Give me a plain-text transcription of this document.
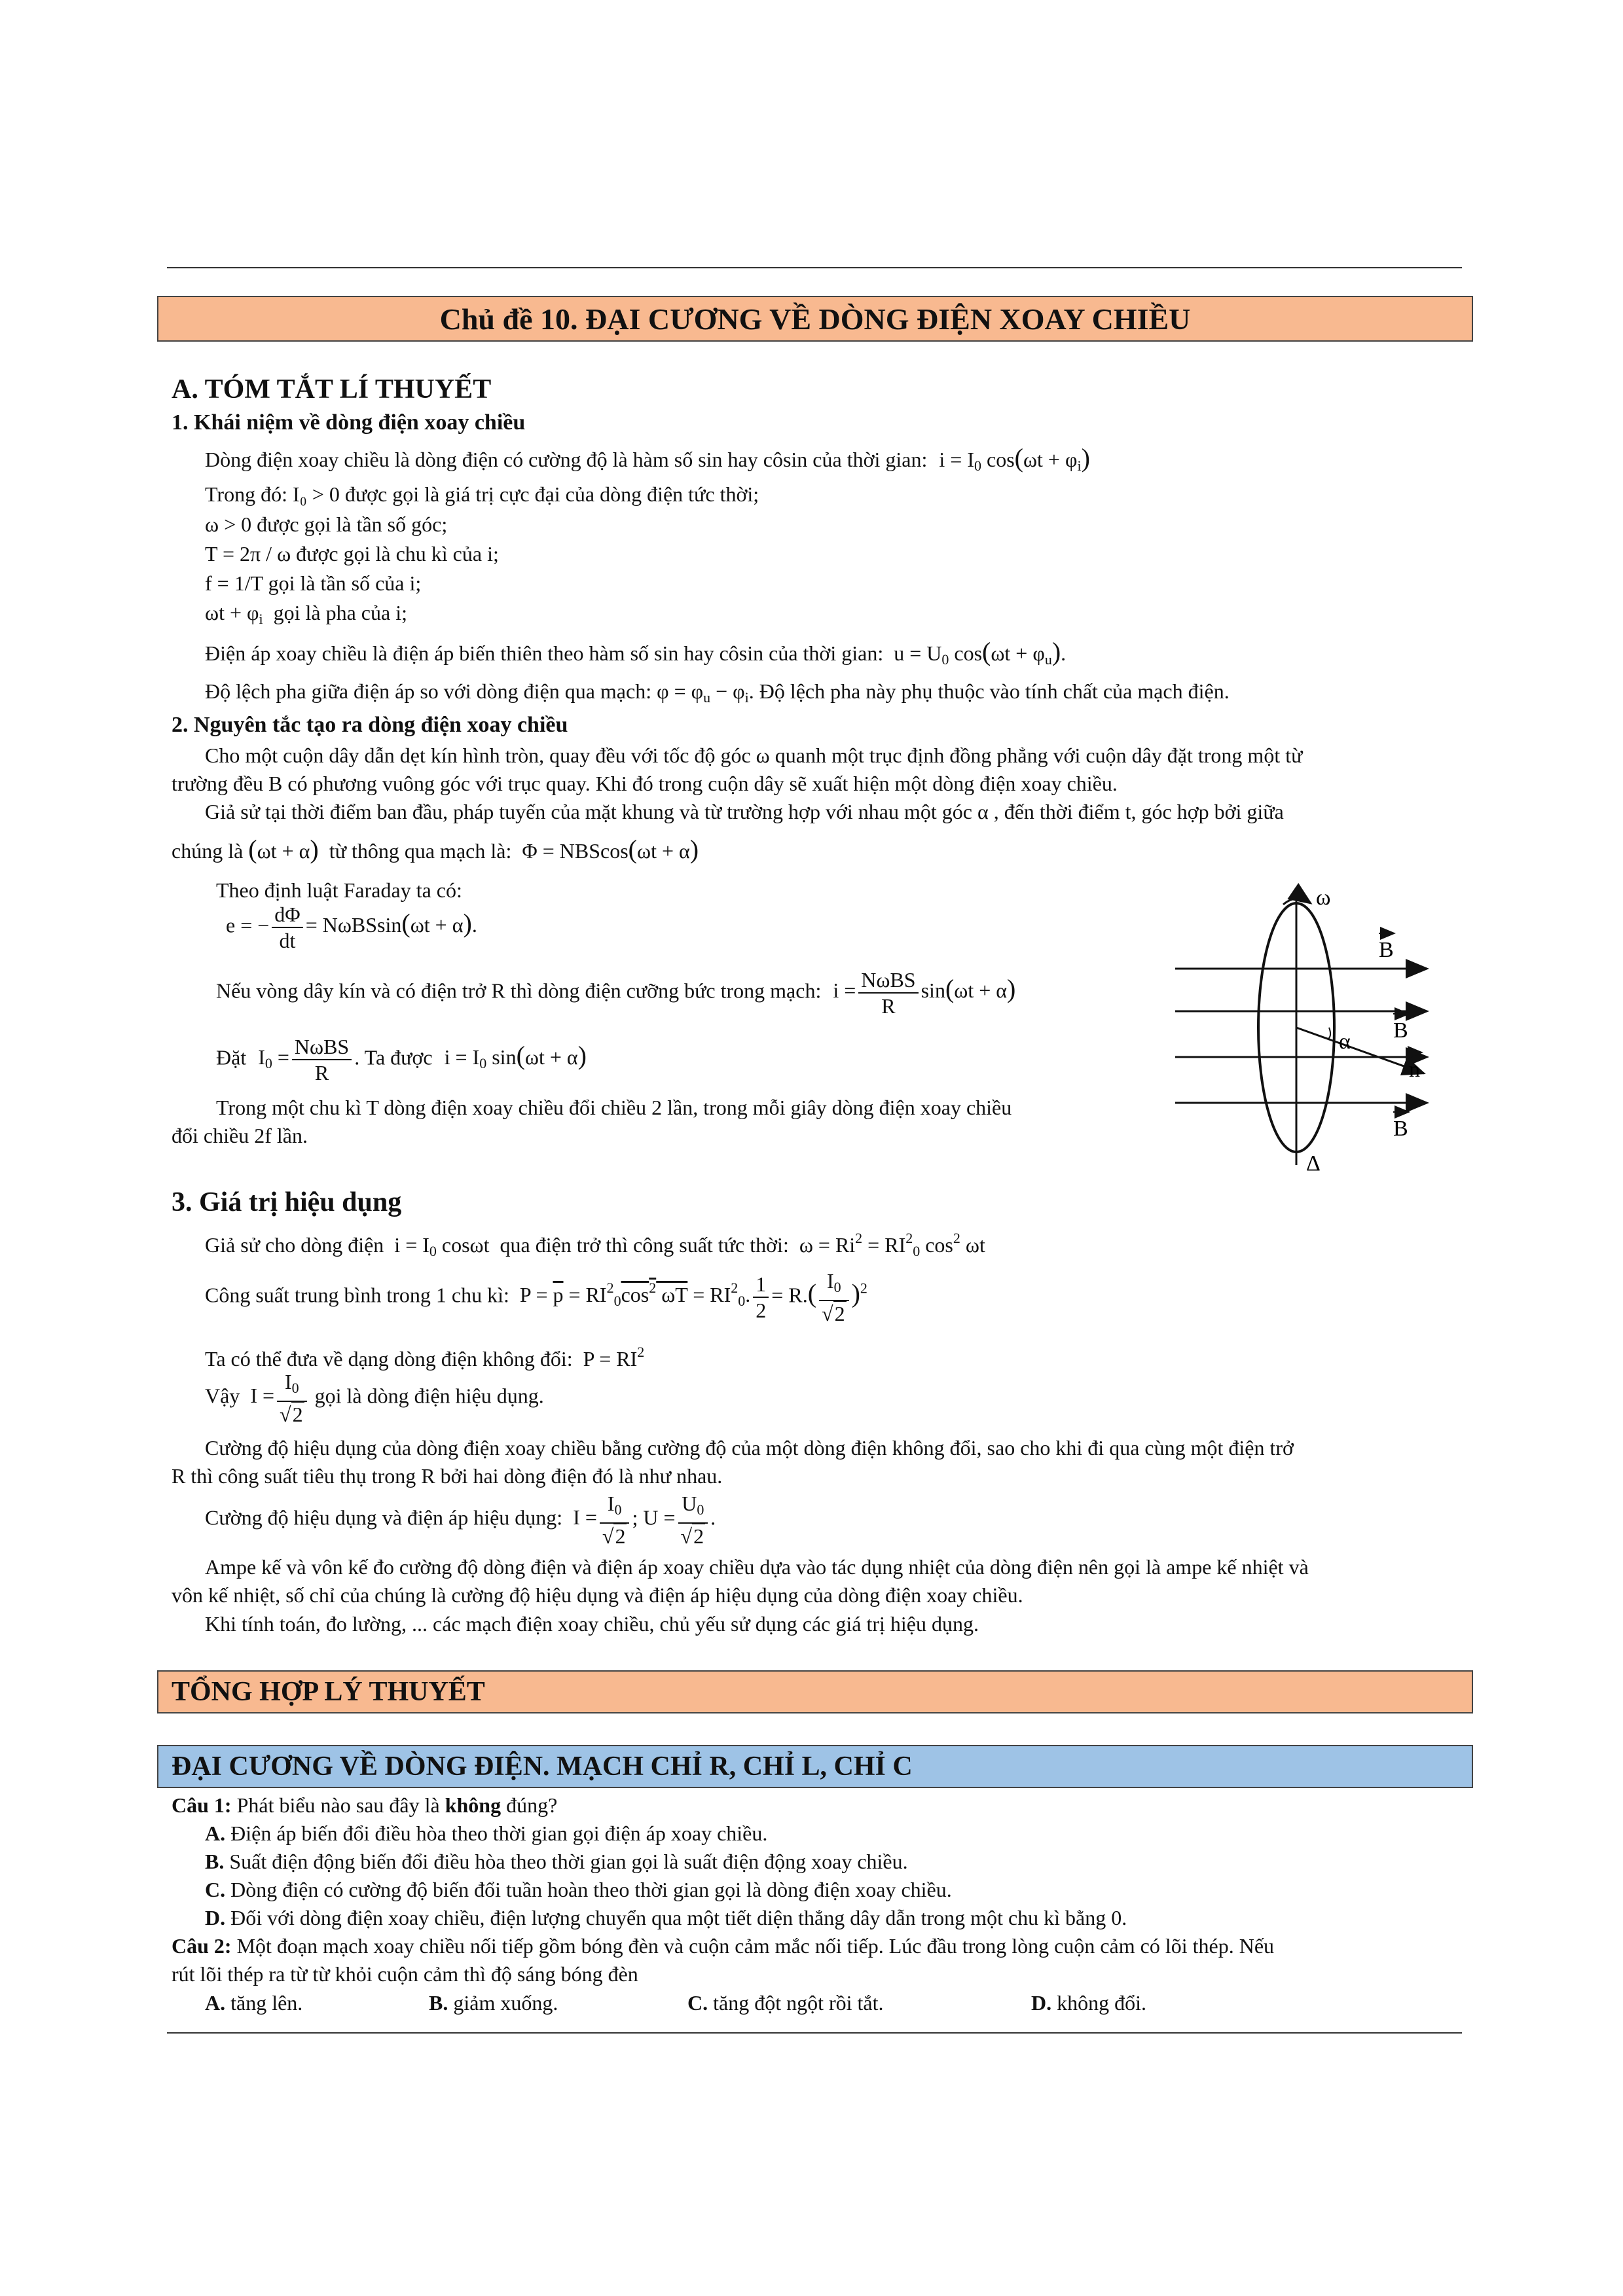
Chủ đề 10. ĐẠI CƯƠNG VỀ DÒNG ĐIỆN XOAY CHIỀU
A. TÓM TẮT LÍ THUYẾT
1. Khái niệm về dòng điện xoay chiều
Dòng điện xoay chiều là dòng điện có cường độ là hàm số sin hay côsin của thời gian: $i = I_0$ $\cos(\omega t + \varphi_i)$
Trong đó: I₀ > 0 được gọi là giá trị cực đại của dòng điện tức thời;
ω > 0 được gọi là tần số góc;
T = 2π / ω được gọi là chu kì của i;
f = 1/T gọi là tần số của i;
$\omega t + \varphi_i$ gọi là pha của i;
Điện áp xoay chiều là điện áp biến thiên theo hàm số sin hay côsin của thời gian: $u = U_0$ $\cos(\omega t + \varphi_u)$.
Độ lệch pha giữa điện áp so với dòng điện qua mạch: $\varphi = \varphi_u - \varphi_i$. Độ lệch pha này phụ thuộc vào tính chất của mạch điện.
2. Nguyên tắc tạo ra dòng điện xoay chiều
Cho một cuộn dây dẫn dẹt kín hình tròn, quay đều với tốc độ góc ω quanh một trục định đồng phẳng với cuộn dây đặt trong một từ
trường đều B có phương vuông góc với trục quay. Khi đó trong cuộn dây sẽ xuất hiện một dòng điện xoay chiều.
Giả sử tại thời điểm ban đầu, pháp tuyến của mặt khung và từ trường hợp với nhau một góc α , đến thời điểm t, góc hợp bởi giữa
chúng là (ωt + α) từ thông qua mạch là: Φ = NBScos(ωt + α)
Theo định luật Faraday ta có:
e = − $\frac{d\Phi}{dt} = N\omega BSsin(\omega t + \alpha)$.
Nếu vòng dây kín và có điện trở R thì dòng điện cưỡng bức trong mạch: $i = \frac{\text{NωBS}}{R} \sin(\omega t + \alpha)$
Đặt $I_0 = \frac{\text{NωBS}}{R}$ . Ta được $i = I_0$ sin(ωt + α)
Trong một chu kì T dòng điện xoay chiều đổi chiều 2 lần, trong mỗi giây dòng điện xoay chiều
đổi chiều 2f lần.
ω
α
B
B
n
B
Δ
3. Giá trị hiệu dụng
Giả sử cho dòng điện $i = I_0$ cosωt qua điện trở thì công suất tức thời: $\omega = Ri^2 = RI^2_0$ $\cos^2 \omega t$
Công suất trung bình trong 1 chu kì: $P = \overline{p} = RI^2_0\cos^2$ $\omega T = RI^2_0$. $\frac{1}{2} = R.( \frac{I_0}{√2} )^2$
Ta có thể đưa về dạng dòng điện không đổi: $P = RI^2$
Vậy $I = \frac{I_0}{√2}$ gọi là dòng điện hiệu dụng.
Cường độ hiệu dụng của dòng điện xoay chiều bằng cường độ của một dòng điện không đổi, sao cho khi đi qua cùng một điện trở
R thì công suất tiêu thụ trong R bởi hai dòng điện đó là như nhau.
Cường độ hiệu dụng và điện áp hiệu dụng: $I = \frac{I_0}{√2}$ ; $U = \frac{U_0}{√2}$ .
Ampe kế và vôn kế đo cường độ dòng điện và điện áp xoay chiều dựa vào tác dụng nhiệt của dòng điện nên gọi là ampe kế nhiệt và
vôn kế nhiệt, số chỉ của chúng là cường độ hiệu dụng và điện áp hiệu dụng của dòng điện xoay chiều.
Khi tính toán, đo lường, ... các mạch điện xoay chiều, chủ yếu sử dụng các giá trị hiệu dụng.
TỔNG HỢP LÝ THUYẾT
ĐẠI CƯƠNG VỀ DÒNG ĐIỆN. MẠCH CHỈ R, CHỈ L, CHỈ C
Câu 1: Phát biểu nào sau đây là không đúng?
A. Điện áp biến đổi điều hòa theo thời gian gọi điện áp xoay chiều.
B. Suất điện động biến đổi điều hòa theo thời gian gọi là suất điện động xoay chiều.
C. Dòng điện có cường độ biến đổi tuần hoàn theo thời gian gọi là dòng điện xoay chiều.
D. Đối với dòng điện xoay chiều, điện lượng chuyển qua một tiết diện thẳng dây dẫn trong một chu kì bằng 0.
Câu 2: Một đoạn mạch xoay chiều nối tiếp gồm bóng đèn và cuộn cảm mắc nối tiếp. Lúc đầu trong lòng cuộn cảm có lõi thép. Nếu
rút lõi thép ra từ từ khỏi cuộn cảm thì độ sáng bóng đèn
A. tăng lên.	B. giảm xuống.	C. tăng đột ngột rồi tắt.	D. không đổi.
